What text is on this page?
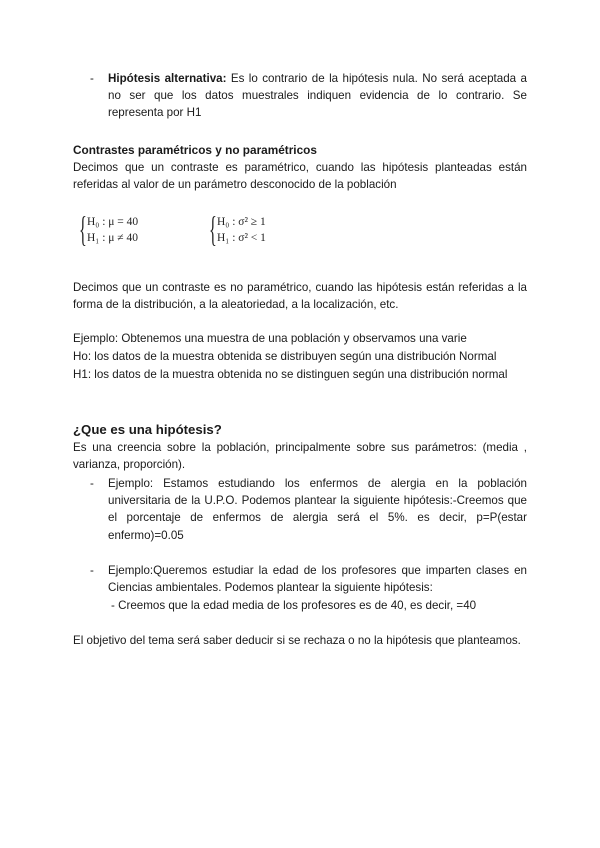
- Hipótesis alternativa: Es lo contrario de la hipótesis nula. No será aceptada a no ser que los datos muestrales indiquen evidencia de lo contrario. Se representa por H1
Contrastes paramétricos y no paramétricos
Decimos que un contraste es paramétrico, cuando las hipótesis planteadas están referidas al valor de un parámetro desconocido de la población
{ H₀ : μ = 40
H₁ : μ ≠ 40 { H₀ : σ² ≥ 1
H₁ : σ² < 1
Decimos que un contraste es no paramétrico, cuando las hipótesis están referidas a la forma de la distribución, a la aleatoriedad, a la localización, etc.
Ejemplo: Obtenemos una muestra de una población y observamos una varie
Ho: los datos de la muestra obtenida se distribuyen según una distribución Normal
H1: los datos de la muestra obtenida no se distinguen según una distribución normal
¿Que es una hipótesis?
Es una creencia sobre la población, principalmente sobre sus parámetros: (media , varianza, proporción).
- Ejemplo: Estamos estudiando los enfermos de alergia en la población universitaria de la U.P.O. Podemos plantear la siguiente hipótesis:-Creemos que el porcentaje de enfermos de alergia será el 5%. es decir, p=P(estar enfermo)=0.05
- Ejemplo:Queremos estudiar la edad de los profesores que imparten clases en Ciencias ambientales. Podemos plantear la siguiente hipótesis:
- Creemos que la edad media de los profesores es de 40, es decir, =40
El objetivo del tema será saber deducir si se rechaza o no la hipótesis que planteamos.
